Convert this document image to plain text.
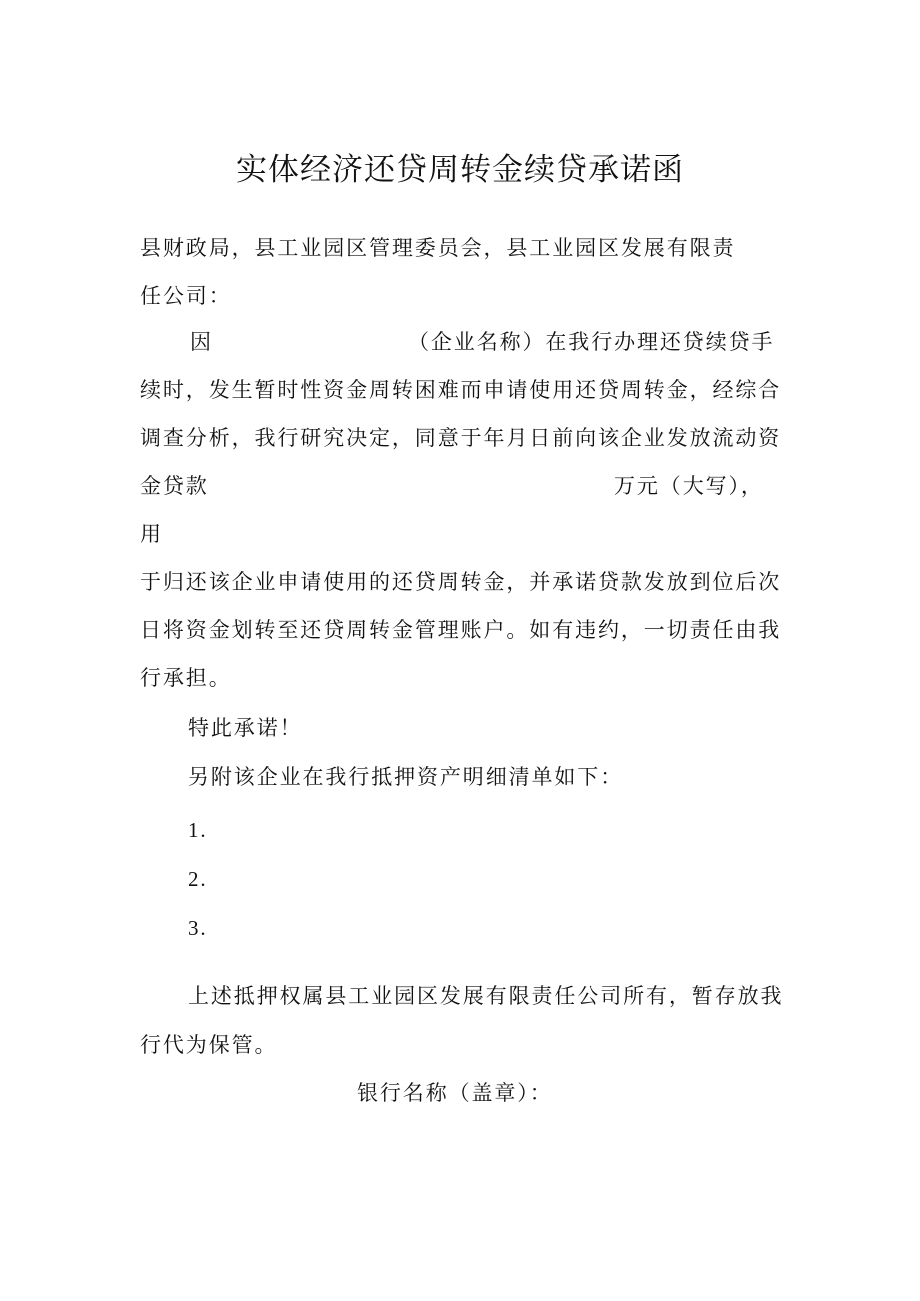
实体经济还贷周转金续贷承诺函
县财政局，县工业园区管理委员会，县工业园区发展有限责
任公司：
因	（企业名称）在我行办理还贷续贷手
续时，发生暂时性资金周转困难而申请使用还贷周转金，经综合
调查分析，我行研究决定，同意于年月日前向该企业发放流动资
金贷款	万元（大写），
用
于归还该企业申请使用的还贷周转金，并承诺贷款发放到位后次
日将资金划转至还贷周转金管理账户。如有违约，一切责任由我
行承担。
特此承诺！
另附该企业在我行抵押资产明细清单如下：
1.
2.
3.
上述抵押权属县工业园区发展有限责任公司所有，暂存放我
行代为保管。
银行名称（盖章）：
